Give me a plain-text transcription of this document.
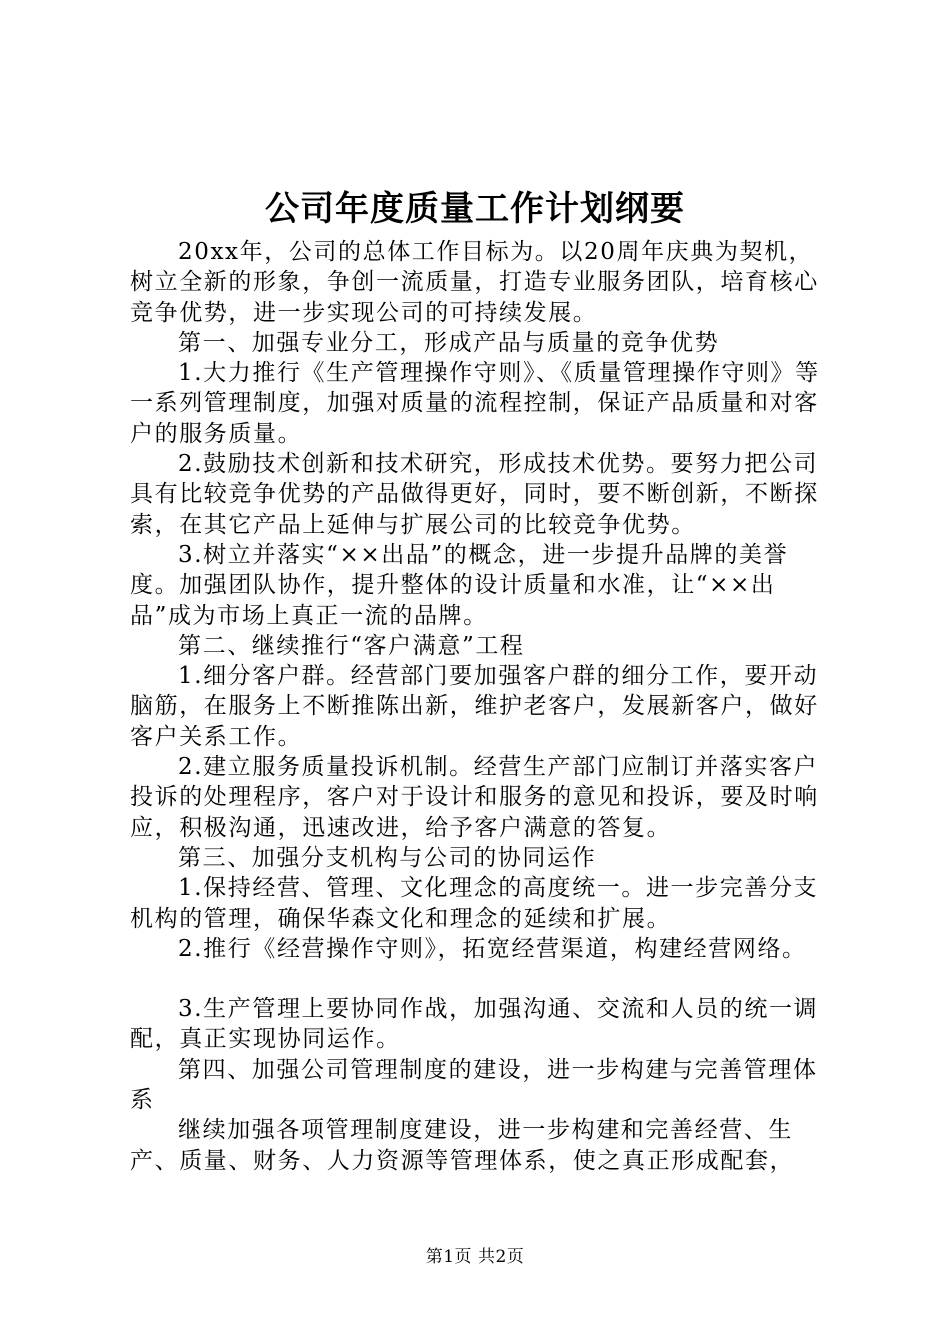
公司年度质量工作计划纲要

20xx年，公司的总体工作目标为。以20周年庆典为契机，树立全新的形象，争创一流质量，打造专业服务团队，培育核心竞争优势，进一步实现公司的可持续发展。

第一、加强专业分工，形成产品与质量的竞争优势

1.大力推行《生产管理操作守则》、《质量管理操作守则》等一系列管理制度，加强对质量的流程控制，保证产品质量和对客户的服务质量。

2.鼓励技术创新和技术研究，形成技术优势。要努力把公司具有比较竞争优势的产品做得更好，同时，要不断创新，不断探索，在其它产品上延伸与扩展公司的比较竞争优势。

3.树立并落实“××出品”的概念，进一步提升品牌的美誉度。加强团队协作，提升整体的设计质量和水准，让“××出品”成为市场上真正一流的品牌。

第二、继续推行“客户满意”工程

1.细分客户群。经营部门要加强客户群的细分工作，要开动脑筋，在服务上不断推陈出新，维护老客户，发展新客户，做好客户关系工作。

2.建立服务质量投诉机制。经营生产部门应制订并落实客户投诉的处理程序，客户对于设计和服务的意见和投诉，要及时响应，积极沟通，迅速改进，给予客户满意的答复。

第三、加强分支机构与公司的协同运作

1.保持经营、管理、文化理念的高度统一。进一步完善分支机构的管理，确保华森文化和理念的延续和扩展。

2.推行《经营操作守则》，拓宽经营渠道，构建经营网络。

3.生产管理上要协同作战，加强沟通、交流和人员的统一调配，真正实现协同运作。

第四、加强公司管理制度的建设，进一步构建与完善管理体系

继续加强各项管理制度建设，进一步构建和完善经营、生产、质量、财务、人力资源等管理体系，使之真正形成配套，

第1页 共2页
